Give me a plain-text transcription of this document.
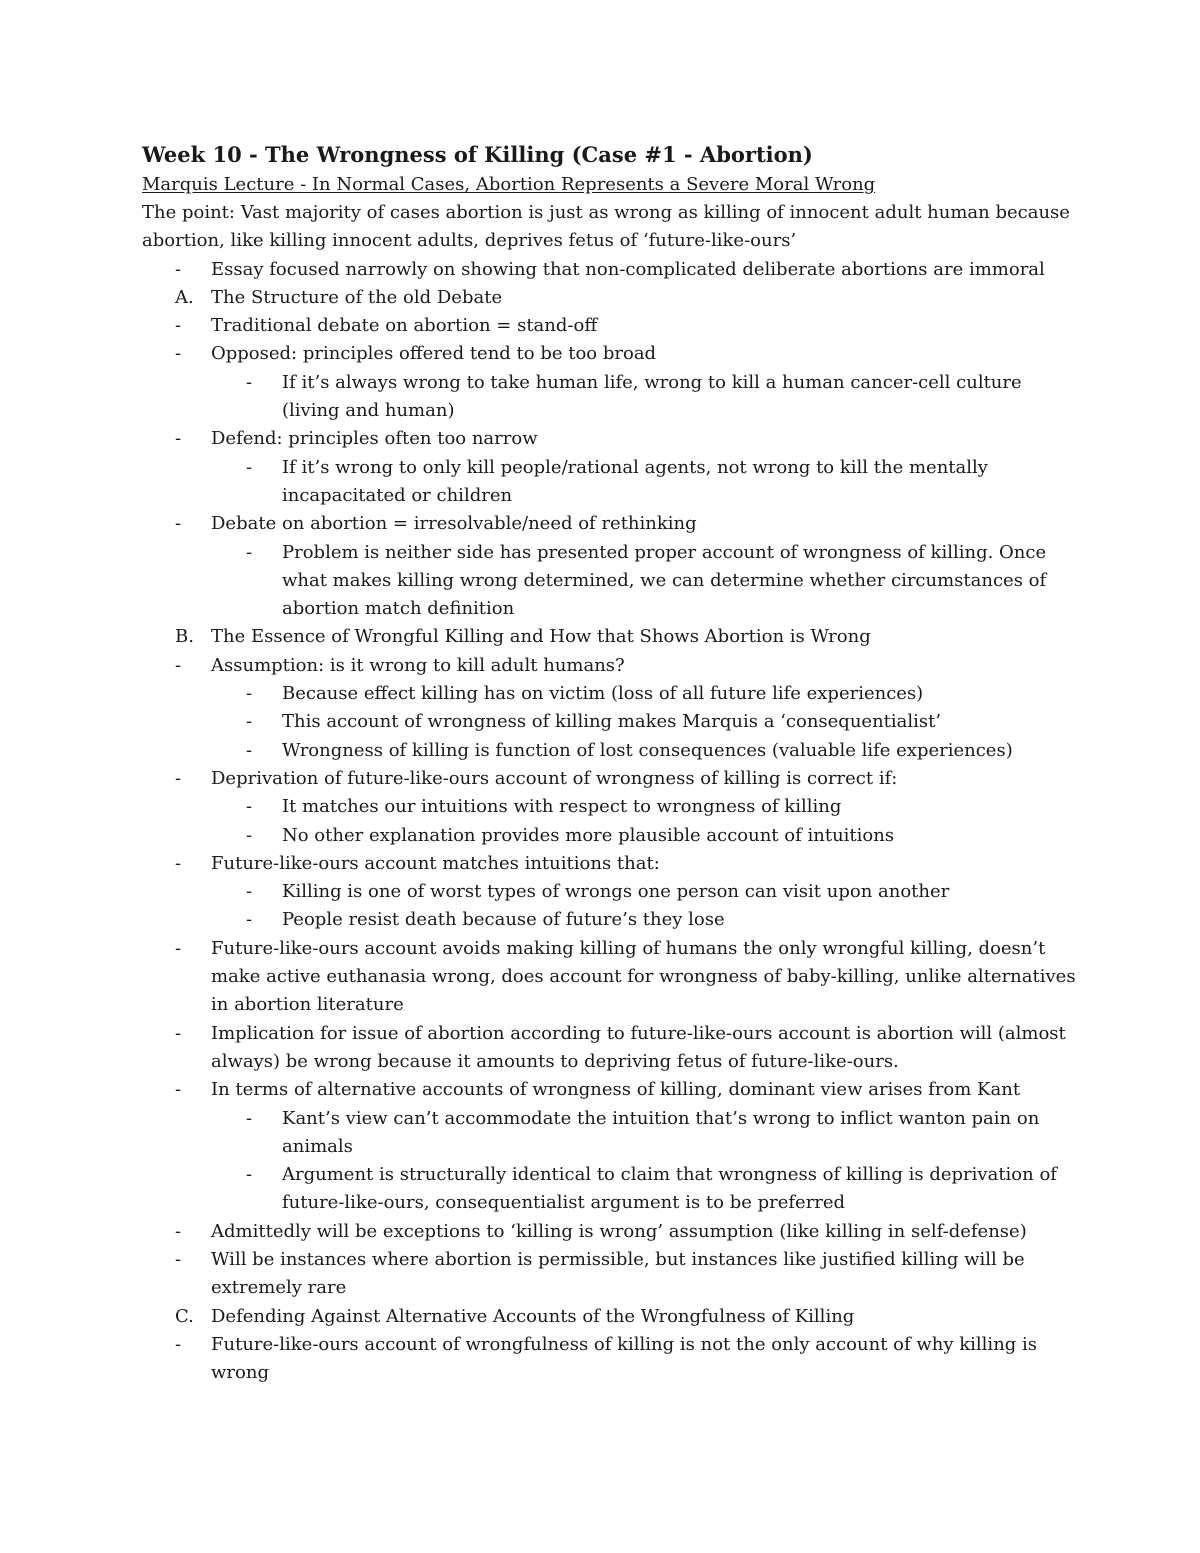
Week 10 - The Wrongness of Killing (Case #1 - Abortion)
Marquis Lecture - In Normal Cases, Abortion Represents a Severe Moral Wrong

The point: Vast majority of cases abortion is just as wrong as killing of innocent adult human because abortion, like killing innocent adults, deprives fetus of ‘future-like-ours’

-	Essay focused narrowly on showing that non-complicated deliberate abortions are immoral
A. The Structure of the old Debate
-	Traditional debate on abortion = stand-off
-	Opposed: principles offered tend to be too broad
-	If it’s always wrong to take human life, wrong to kill a human cancer-cell culture (living and human)
-	Defend: principles often too narrow
-	If it’s wrong to only kill people/rational agents, not wrong to kill the mentally incapacitated or children
-	Debate on abortion = irresolvable/need of rethinking
-	Problem is neither side has presented proper account of wrongness of killing. Once what makes killing wrong determined, we can determine whether circumstances of abortion match definition
B. The Essence of Wrongful Killing and How that Shows Abortion is Wrong
-	Assumption: is it wrong to kill adult humans?
-	Because effect killing has on victim (loss of all future life experiences)
-	This account of wrongness of killing makes Marquis a ‘consequentialist’
-	Wrongness of killing is function of lost consequences (valuable life experiences)
-	Deprivation of future-like-ours account of wrongness of killing is correct if:
-	It matches our intuitions with respect to wrongness of killing
-	No other explanation provides more plausible account of intuitions
-	Future-like-ours account matches intuitions that:
-	Killing is one of worst types of wrongs one person can visit upon another
-	People resist death because of future’s they lose
-	Future-like-ours account avoids making killing of humans the only wrongful killing, doesn’t make active euthanasia wrong, does account for wrongness of baby-killing, unlike alternatives in abortion literature
-	Implication for issue of abortion according to future-like-ours account is abortion will (almost always) be wrong because it amounts to depriving fetus of future-like-ours.
-	In terms of alternative accounts of wrongness of killing, dominant view arises from Kant
-	Kant’s view can’t accommodate the intuition that’s wrong to inflict wanton pain on animals
-	Argument is structurally identical to claim that wrongness of killing is deprivation of future-like-ours, consequentialist argument is to be preferred
-	Admittedly will be exceptions to ‘killing is wrong’ assumption (like killing in self-defense)
-	Will be instances where abortion is permissible, but instances like justified killing will be extremely rare
C. Defending Against Alternative Accounts of the Wrongfulness of Killing
-	Future-like-ours account of wrongfulness of killing is not the only account of why killing is wrong
